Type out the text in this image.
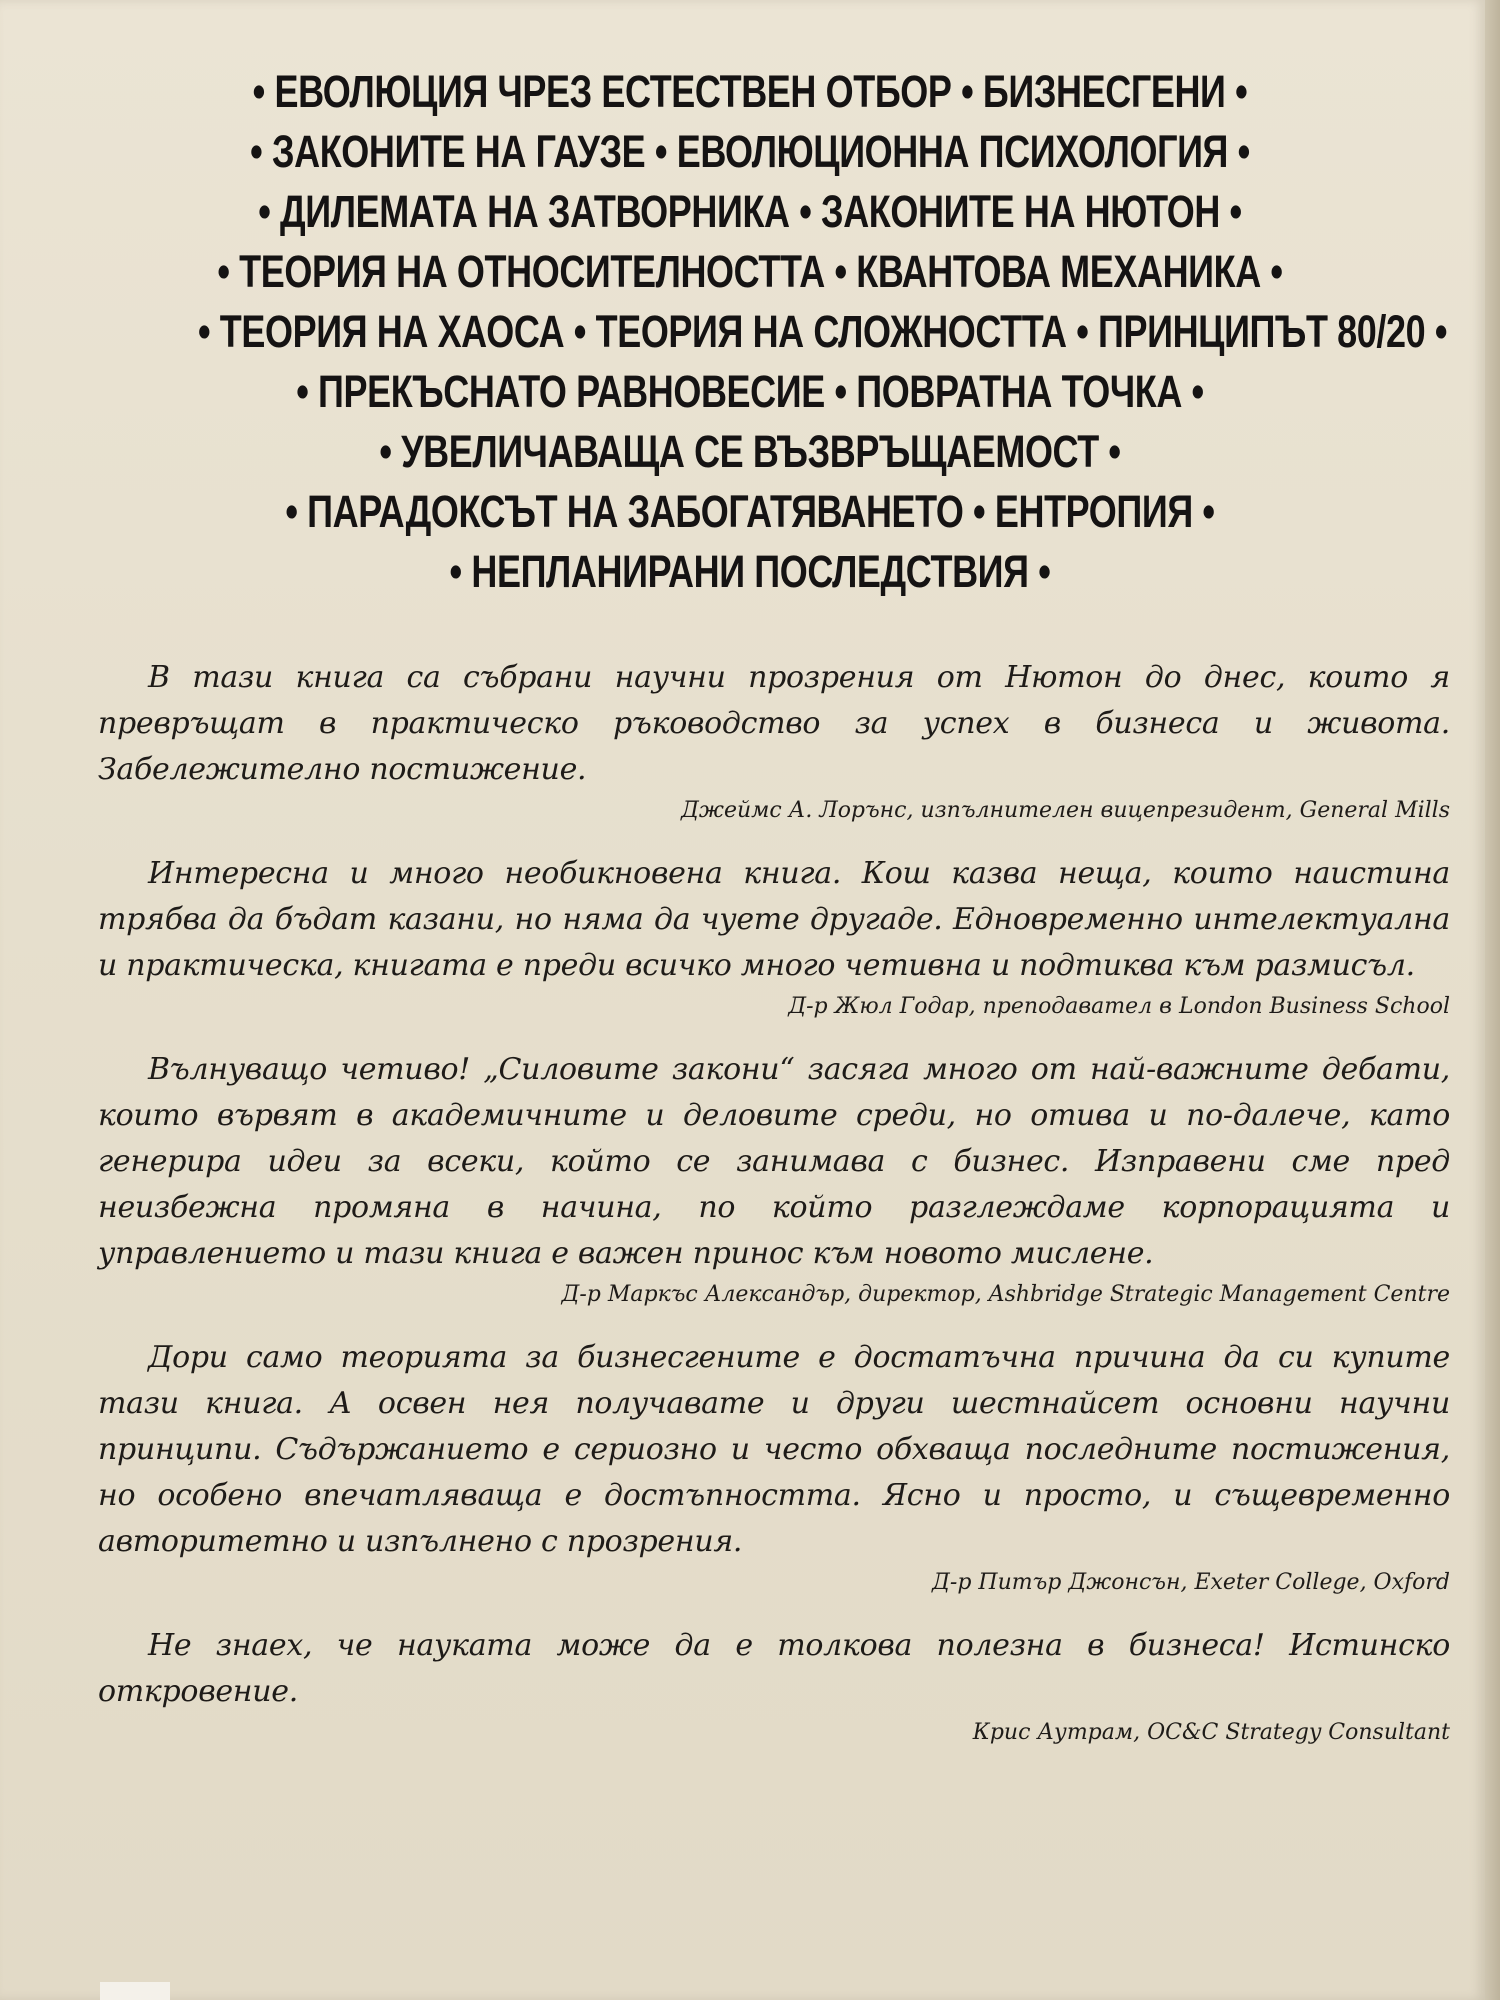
• ЕВОЛЮЦИЯ ЧРЕЗ ЕСТЕСТВЕН ОТБОР • БИЗНЕСГЕНИ •
• ЗАКОНИТЕ НА ГАУЗЕ • ЕВОЛЮЦИОННА ПСИХОЛОГИЯ •
• ДИЛЕМАТА НА ЗАТВОРНИКА • ЗАКОНИТЕ НА НЮТОН •
• ТЕОРИЯ НА ОТНОСИТЕЛНОСТТА • КВАНТОВА МЕХАНИКА •
• ТЕОРИЯ НА ХАОСА • ТЕОРИЯ НА СЛОЖНОСТТА • ПРИНЦИПЪТ 80/20 •
• ПРЕКЪСНАТО РАВНОВЕСИЕ • ПОВРАТНА ТОЧКА •
• УВЕЛИЧАВАЩА СЕ ВЪЗВРЪЩАЕМОСТ •
• ПАРАДОКСЪТ НА ЗАБОГАТЯВАНЕТО • ЕНТРОПИЯ •
• НЕПЛАНИРАНИ ПОСЛЕДСТВИЯ •

В тази книга са събрани научни прозрения от Нютон до днес, които я превръщат в практическо ръководство за успех в бизнеса и живота. Забележително постижение.

Джеймс А. Лорънс, изпълнителен вицепрезидент, General Mills

Интересна и много необикновена книга. Кош казва неща, които наистина трябва да бъдат казани, но няма да чуете другаде. Едновременно интелектуална и практическа, книгата е преди всичко много четивна и подтиква към размисъл.

Д-р Жюл Годар, преподавател в London Business School

Вълнуващо четиво! „Силовите закони“ засяга много от най-важните дебати, които вървят в академичните и деловите среди, но отива и по-далече, като генерира идеи за всеки, който се занимава с бизнес. Изправени сме пред неизбежна промяна в начина, по който разглеждаме корпорацията и управлението и тази книга е важен принос към новото мислене.

Д-р Маркъс Александър, директор, Ashbridge Strategic Management Centre

Дори само теорията за бизнесгените е достатъчна причина да си купите тази книга. А освен нея получавате и други шестнайсет основни научни принципи. Съдържанието е сериозно и често обхваща последните постижения, но особено впечатляваща е достъпността. Ясно и просто, и същевременно авторитетно и изпълнено с прозрения.

Д-р Питър Джонсън, Exeter College, Oxford

Не знаех, че науката може да е толкова полезна в бизнеса! Истинско откровение.

Крис Аутрам, OC&C Strategy Consultant
